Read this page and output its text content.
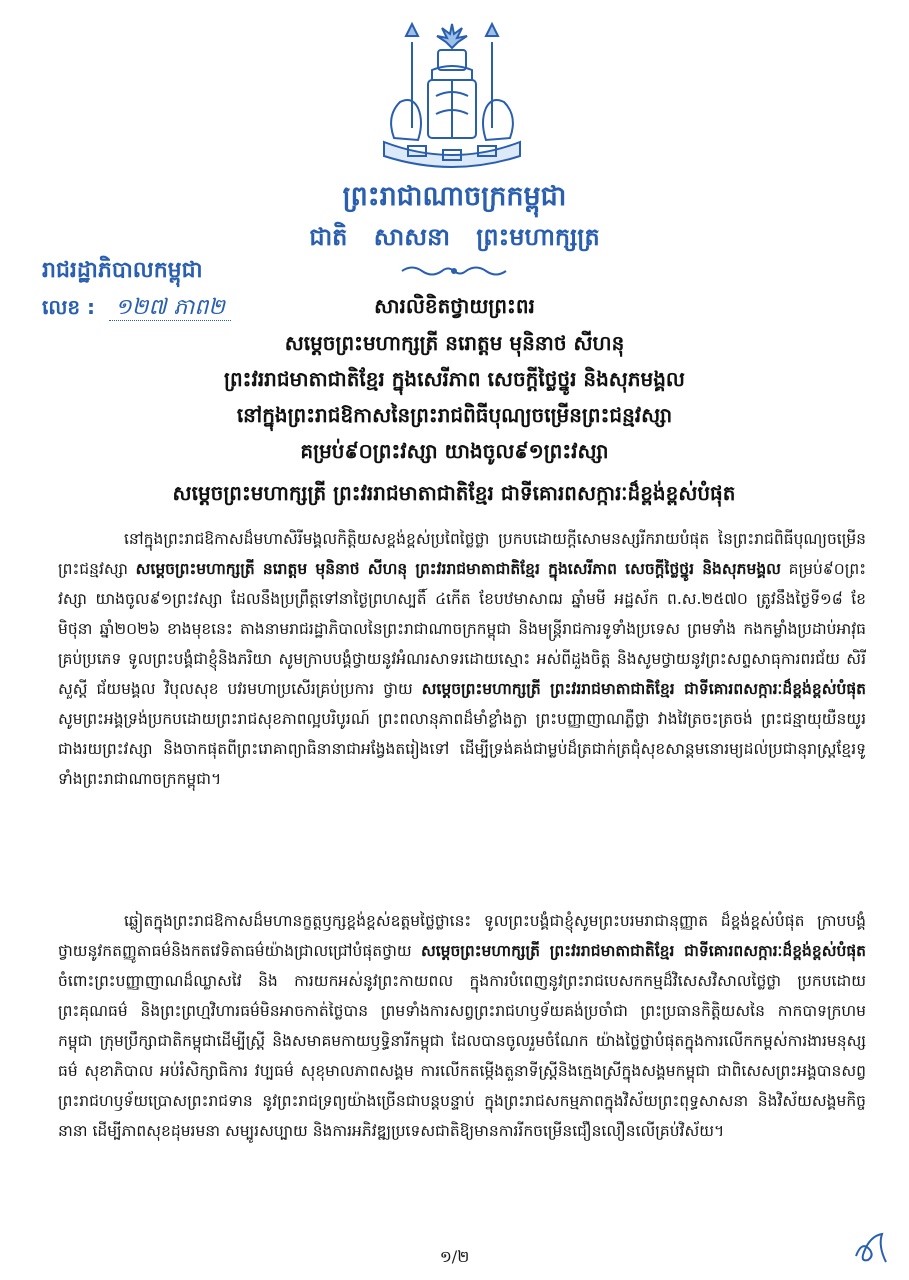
ព្រះរាជាណាចក្រកម្ពុជា
ជាតិ សាសនា ព្រះមហាក្សត្រ
រាជរដ្ឋាភិបាលកម្ពុជា
លេខ : ១២៧ ភាព២	សារលិខិតថ្វាយព្រះពរ
សម្តេចព្រះមហាក្សត្រី នរោត្តម មុនិនាថ សីហនុ
ព្រះវររាជមាតាជាតិខ្មែរ ក្នុងសេរីភាព សេចក្តីថ្លៃថ្នូរ និងសុភមង្គល
នៅក្នុងព្រះរាជឱកាសនៃព្រះរាជពិធីបុណ្យចម្រើនព្រះជន្មវស្សា
គម្រប់៩០ព្រះវស្សា យាងចូល៩១ព្រះវស្សា
សម្តេចព្រះមហាក្សត្រី ព្រះវររាជមាតាជាតិខ្មែរ ជាទីគោរពសក្ការៈដ៏ខ្ពង់ខ្ពស់បំផុត

នៅក្នុងព្រះរាជឱកាសដ៏មហាសិរីមង្គលកិត្តិយសខ្ពង់ខ្ពស់ប្រពៃថ្លៃថ្លា ប្រកបដោយក្តីសោមនស្សរីករាយបំផុត នៃព្រះរាជពិធីបុណ្យចម្រើនព្រះជន្មវស្សា សម្តេចព្រះមហាក្សត្រី នរោត្តម មុនិនាថ សីហនុ ព្រះវររាជមាតាជាតិខ្មែរ ក្នុងសេរីភាព សេចក្តីថ្លៃថ្នូរ និងសុភមង្គល គម្រប់៩០ព្រះវស្សា យាងចូល៩១ព្រះវស្សា ដែលនឹងប្រព្រឹត្តទៅនាថ្ងៃព្រហស្បតិ៍ ៤កើត ខែបឋមាសាឍ ឆ្នាំមមី អដ្ឋស័ក ព.ស.២៥៧០ ត្រូវនឹងថ្ងៃទី១៨ ខែមិថុនា ឆ្នាំ២០២៦ ខាងមុខនេះ តាងនាមរាជរដ្ឋាភិបាលនៃព្រះរាជាណាចក្រកម្ពុជា និងមន្ត្រីរាជការទូទាំងប្រទេស ព្រមទាំង កងកម្លាំងប្រដាប់អាវុធគ្រប់ប្រភេទ ទូលព្រះបង្គំជាខ្ញុំនិងភរិយា សូមក្រាបបង្គំថ្វាយនូវអំណរសាទរដោយស្មោះ អស់ពីដួងចិត្ត និងសូមថ្វាយនូវព្រះសព្ទសាធុការពរជ័យ សិរីសួស្តី ជ័យមង្គល វិបុលសុខ បវរមហាប្រសើរគ្រប់ប្រការ ថ្វាយ សម្តេចព្រះមហាក្សត្រី ព្រះវររាជមាតាជាតិខ្មែរ ជាទីគោរពសក្ការៈដ៏ខ្ពង់ខ្ពស់បំផុត សូមព្រះអង្គទ្រង់ប្រកបដោយព្រះរាជសុខភាពល្អបរិបូរណ៍ ព្រះពលានុភាពដ៏មាំខ្លាំងក្លា ព្រះបញ្ញាញាណភ្លឺថ្លា វាងវៃត្រចះត្រចង់ ព្រះជន្មាយុយឺនយូរជាងរយព្រះវស្សា និងចាកផុតពីព្រះរោគាព្យាធិនានាជាអង្វែងតរៀងទៅ ដើម្បីទ្រង់គង់ជាម្លប់ដ៏ត្រជាក់ត្រជុំសុខសាន្តមនោរម្យដល់ប្រជានុរាស្ត្រខ្មែរទូទាំងព្រះរាជាណាចក្រកម្ពុជា។

ឆ្លៀតក្នុងព្រះរាជឱកាសដ៏មហានក្ខត្តឫក្សខ្ពង់ខ្ពស់ឧត្តមថ្លៃថ្លានេះ ទូលព្រះបង្គំជាខ្ញុំសូមព្រះបរមរាជានុញ្ញាត ដ៏ខ្ពង់ខ្ពស់បំផុត ក្រាបបង្គំថ្វាយនូវកតញ្ញូតាធម៌និងកតវេទិតាធម៌យ៉ាងជ្រាលជ្រៅបំផុតថ្វាយ សម្តេចព្រះមហាក្សត្រី ព្រះវររាជមាតាជាតិខ្មែរ ជាទីគោរពសក្ការៈដ៏ខ្ពង់ខ្ពស់បំផុត ចំពោះព្រះបញ្ញាញាណដ៏ឈ្លាសវៃ និង ការយកអស់នូវព្រះកាយពល ក្នុងការបំពេញនូវព្រះរាជបេសកកម្មដ៏វិសេសវិសាលថ្លៃថ្លា ប្រកបដោយព្រះគុណធម៌ និងព្រះព្រហ្មវិហារធម៌មិនអាចកាត់ថ្លៃបាន ព្រមទាំងការសព្វព្រះរាជហឫទ័យគង់ប្រចាំជា ព្រះប្រធានកិត្តិយសនៃ កាកបាទក្រហមកម្ពុជា ក្រុមប្រឹក្សាជាតិកម្ពុជាដើម្បីស្ត្រី និងសមាគមកាយឫទ្ធិនារីកម្ពុជា ដែលបានចូលរួមចំណែក យ៉ាងថ្លៃថ្លាបំផុតក្នុងការលើកកម្ពស់ការងារមនុស្សធម៌ សុខាភិបាល អប់រំសិក្សាធិការ វប្បធម៌ សុខុមាលភាពសង្គម ការលើកតម្កើងតួនាទីស្ត្រីនិងក្មេងស្រីក្នុងសង្គមកម្ពុជា ជាពិសេសព្រះអង្គបានសព្វព្រះរាជហឫទ័យប្រោសព្រះរាជទាន នូវព្រះរាជទ្រព្យយ៉ាងច្រើនជាបន្តបន្ទាប់ ក្នុងព្រះរាជសកម្មភាពក្នុងវិស័យព្រះពុទ្ធសាសនា និងវិស័យសង្គមកិច្ចនានា ដើម្បីភាពសុខដុមរមនា សម្បូរសប្បាយ និងការអភិវឌ្ឍប្រទេសជាតិឱ្យមានការរីកចម្រើនជឿនលឿនលើគ្រប់វិស័យ។

១/២
